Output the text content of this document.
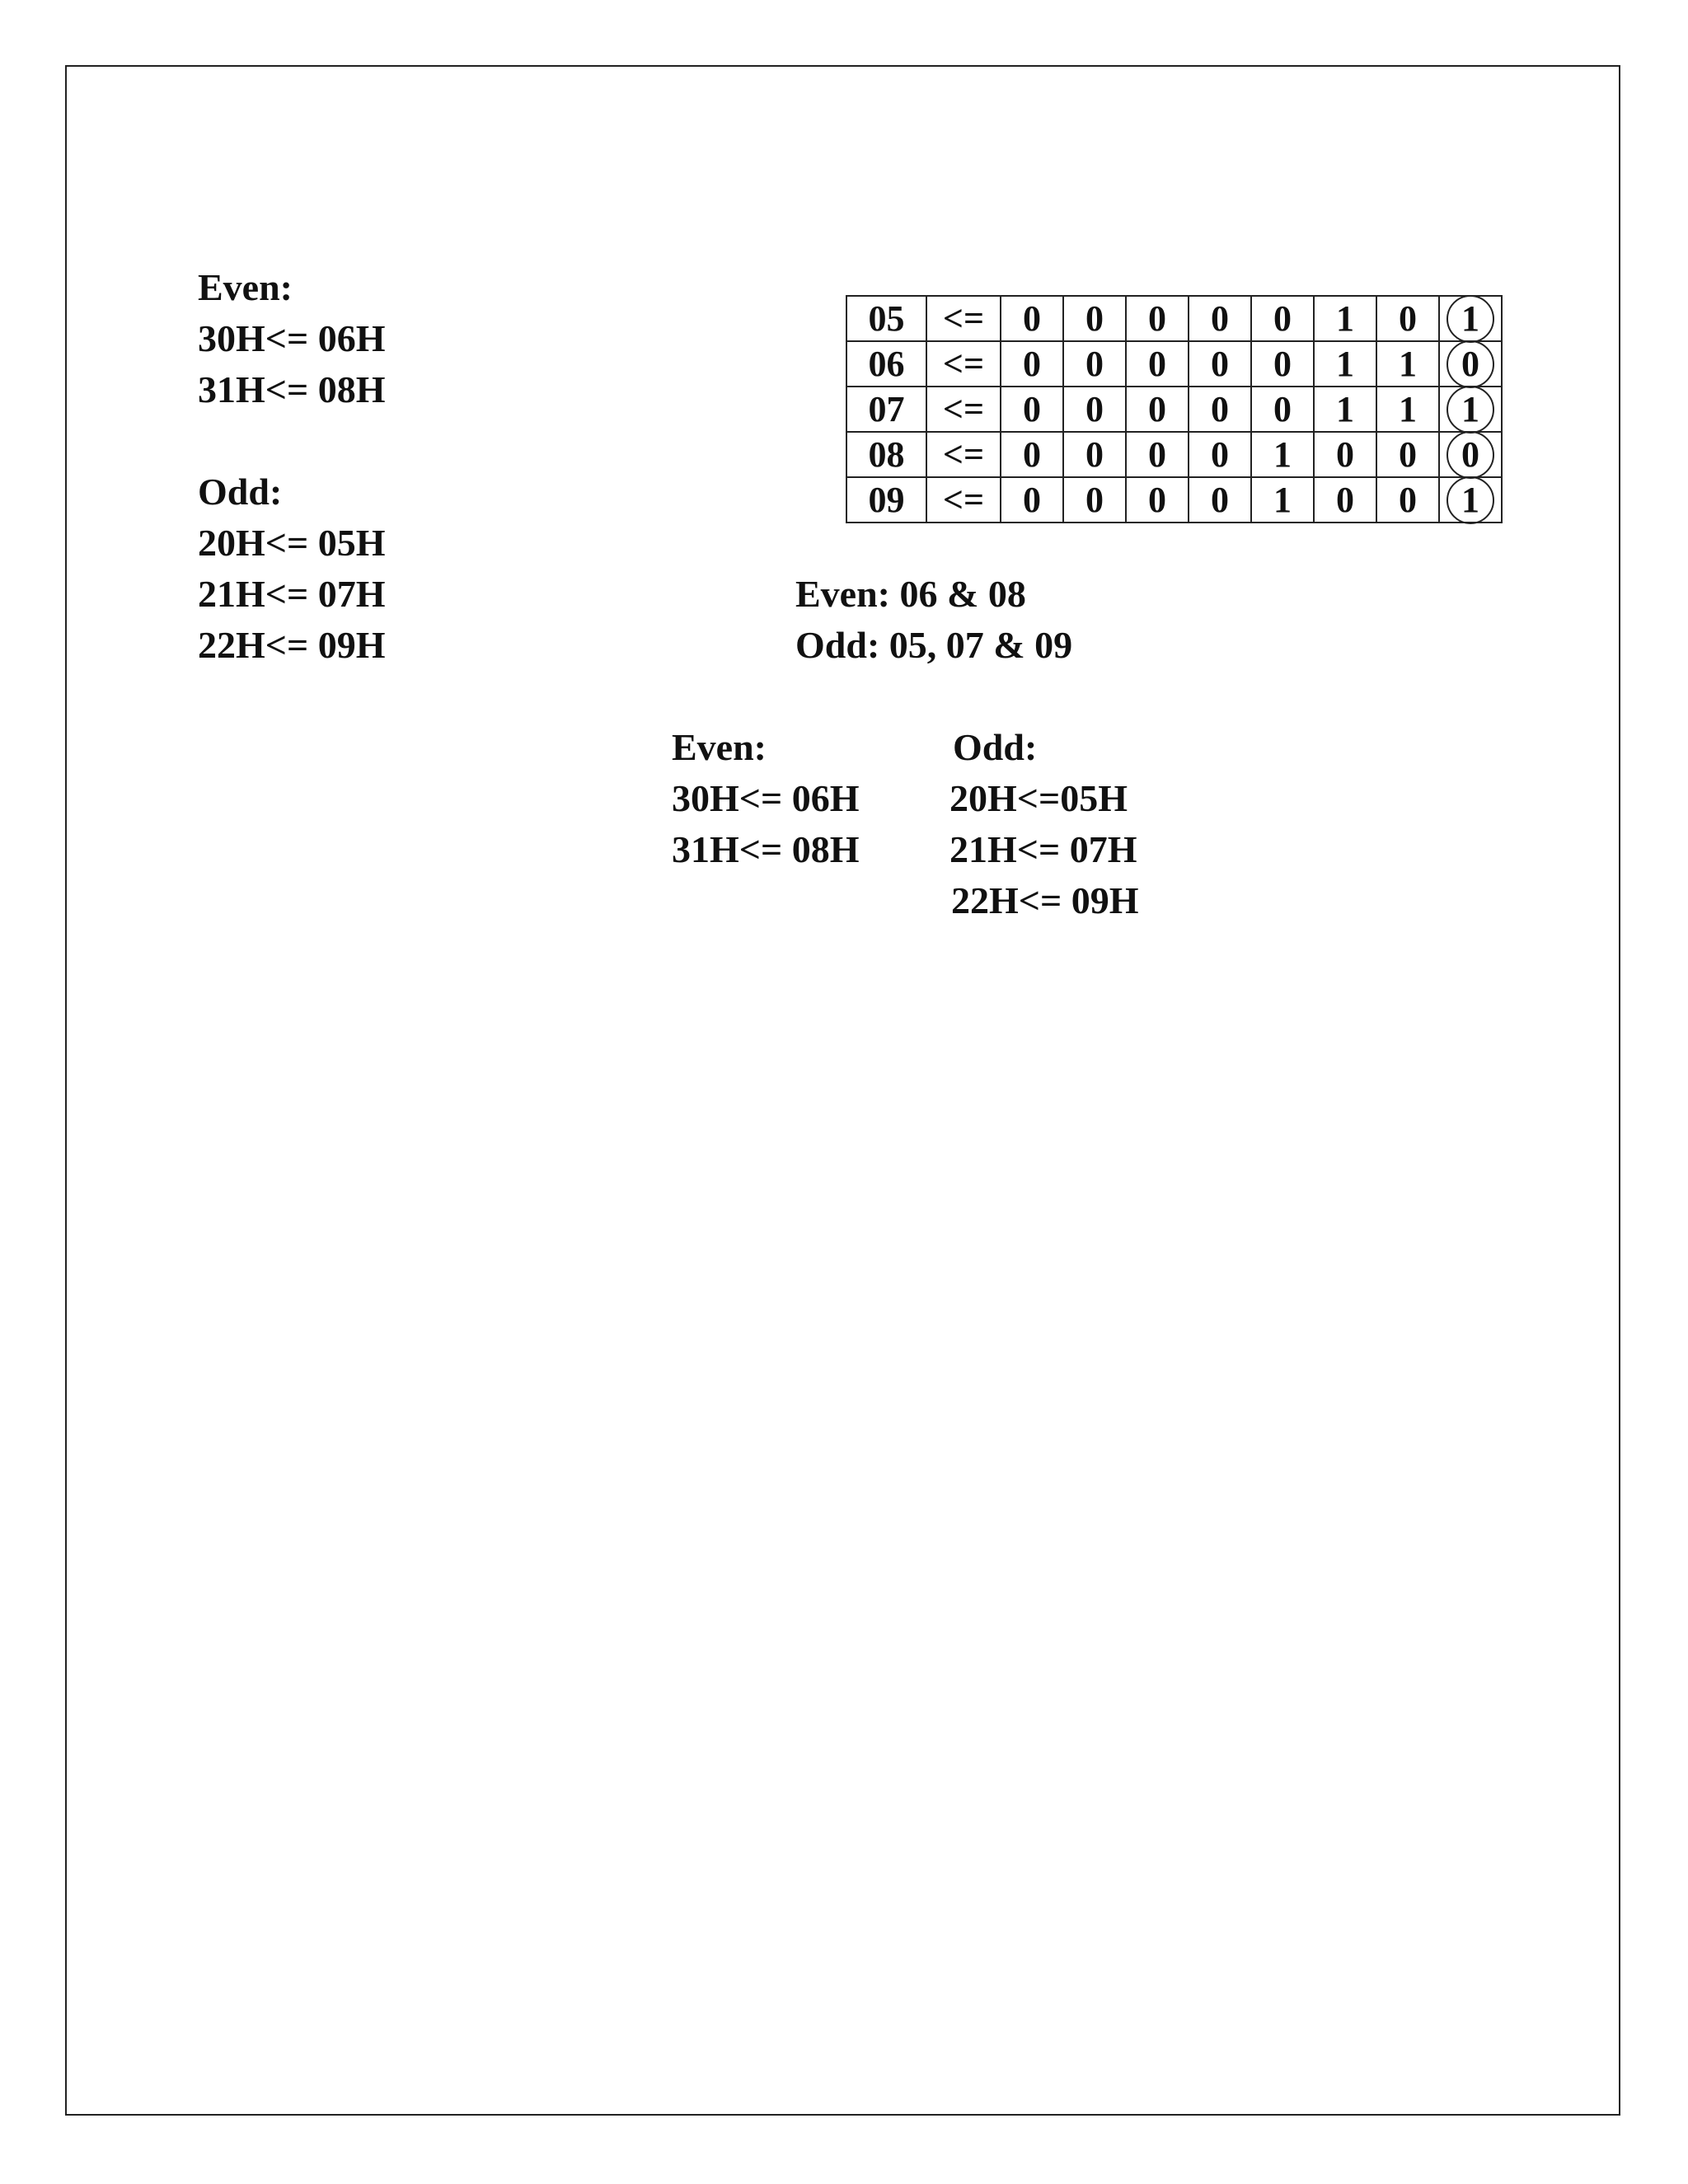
Even:

30H<= 06H

31H<= 08H

Odd:

20H<= 05H

21H<= 07H

22H<= 09H

05	<=	0	0	0	0	0	1	0	1
06	<=	0	0	0	0	0	1	1	0
07	<=	0	0	0	0	0	1	1	1
08	<=	0	0	0	0	1	0	0	0
09	<=	0	0	0	0	1	0	0	1

Even: 06 & 08

Odd: 05, 07 & 09

Even:

30H<= 06H

31H<= 08H

Odd:

20H<=05H

21H<= 07H

22H<= 09H
